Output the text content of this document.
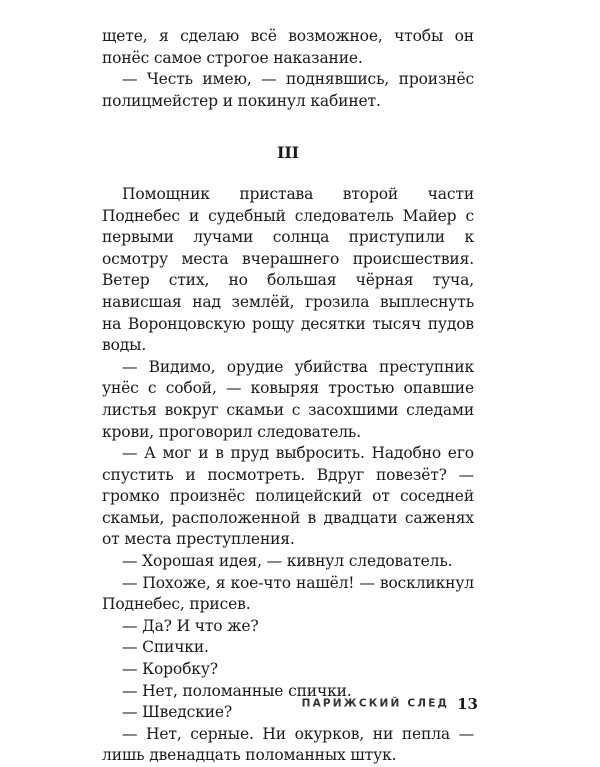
щете, я сделаю всё возможное, чтобы он понёс самое строгое наказание.

— Честь имею, — поднявшись, произнёс полицмейстер и покинул кабинет.

III

Помощник пристава второй части Поднебес и судебный следователь Майер с первыми лучами солнца приступили к осмотру места вчерашнего происшествия. Ветер стих, но большая чёрная туча, нависшая над землёй, грозила выплеснуть на Воронцовскую рощу десятки тысяч пудов воды.

— Видимо, орудие убийства преступник унёс с собой, — ковыряя тростью опавшие листья вокруг скамьи с засохшими следами крови, проговорил следователь.

— А мог и в пруд выбросить. Надобно его спустить и посмотреть. Вдруг повезёт? — громко произнёс полицейский от соседней скамьи, расположенной в двадцати саженях от места преступления.

— Хорошая идея, — кивнул следователь.

— Похоже, я кое-что нашёл! — воскликнул Поднебес, присев.

— Да? И что же?

— Спички.

— Коробку?

— Нет, поломанные спички.

— Шведские?

— Нет, серные. Ни окурков, ни пепла — лишь двенадцать поломанных штук.

ПАРИЖСКИЙ СЛЕД 13
